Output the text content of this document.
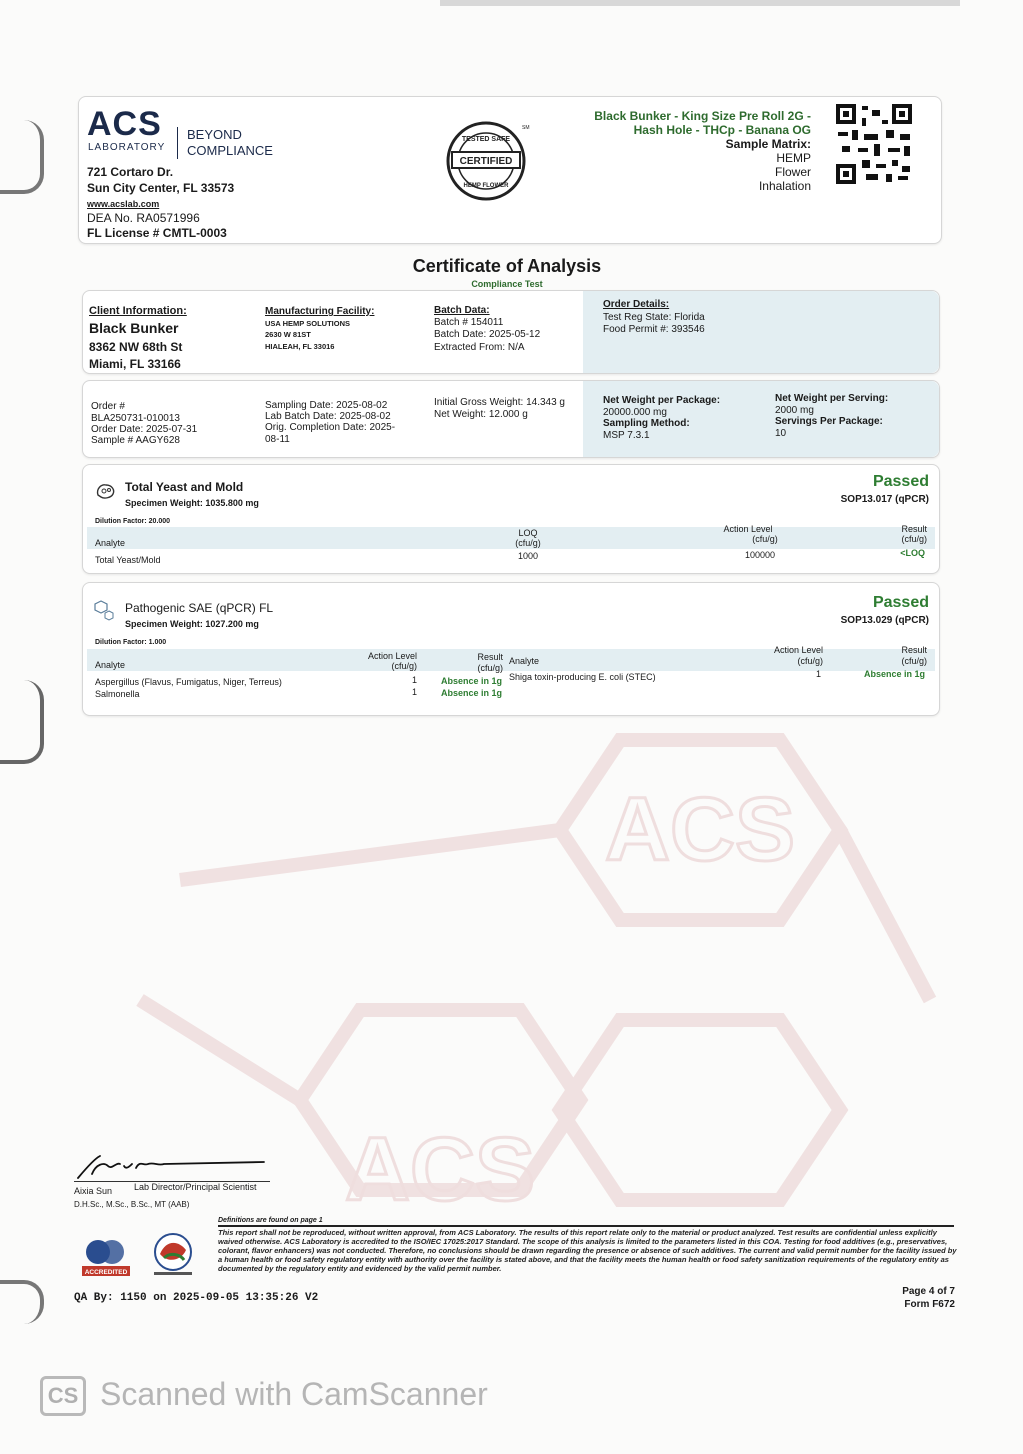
ACS
ACS
ACS
LABORATORY
BEYOND
COMPLIANCE
721 Cortaro Dr.
Sun City Center, FL 33573
www.acslab.com
DEA No. RA0571996
FL License # CMTL-0003
CERTIFIED
TESTED SAFE
HEMP FLOWER
SM
Black Bunker - King Size Pre Roll 2G -
Hash Hole - THCp - Banana OG
Sample Matrix:
HEMP
Flower
Inhalation
Certificate of Analysis
Compliance Test
Client Information:
Black Bunker
8362 NW 68th St
Miami, FL 33166
Manufacturing Facility:
USA HEMP SOLUTIONS
2630 W 81ST
HIALEAH, FL 33016
Batch Data:
Batch # 154011
Batch Date: 2025-05-12
Extracted From: N/A
Order Details:
Test Reg State: Florida
Food Permit #: 393546
Order #
BLA250731-010013
Order Date: 2025-07-31
Sample # AAGY628
Sampling Date: 2025-08-02
Lab Batch Date: 2025-08-02
Orig. Completion Date: 2025-
08-11
Initial Gross Weight: 14.343 g
Net Weight: 12.000 g
Net Weight per Package:
20000.000 mg
Sampling Method:
MSP 7.3.1
Net Weight per Serving:
2000 mg
Servings Per Package:
10
Total Yeast and Mold
Specimen Weight: 1035.800 mg
Passed
SOP13.017 (qPCR)
Dilution Factor: 20.000
Analyte
LOQ
(cfu/g)
Action Level
(cfu/g)
Result
(cfu/g)
Total Yeast/Mold	1000	100000	<LOQ
Pathogenic SAE (qPCR) FL
Specimen Weight: 1027.200 mg
Passed
SOP13.029 (qPCR)
Dilution Factor: 1.000
Analyte
Action Level
(cfu/g)
Result
(cfu/g)
Analyte
Action Level
(cfu/g)
Result
(cfu/g)
Aspergillus (Flavus, Fumigatus, Niger, Terreus)	1	Absence in 1g
Salmonella	1	Absence in 1g
Shiga toxin-producing E. coli (STEC)	1	Absence in 1g
Aixia Sun Lab Director/Principal Scientist
D.H.Sc., M.Sc., B.Sc., MT (AAB)
Definitions are found on page 1
This report shall not be reproduced, without written approval, from ACS Laboratory. The results of this report relate only to the material or product analyzed. Test results are confidential unless explicitly waived otherwise. ACS Laboratory is accredited to the ISO/IEC 17025:2017 Standard. The scope of this analysis is limited to the parameters listed in this COA. Testing for food additives (e.g., preservatives, colorant, flavor enhancers) was not conducted. Therefore, no conclusions should be drawn regarding the presence or absence of such additives. The current and valid permit number for the facility issued by a human health or food safety regulatory entity with authority over the facility is stated above, and that the facility meets the human health or food safety sanitization requirements of the regulatory entity as documented by the regulatory entity and evidenced by the valid permit number.
ACCREDITED
QA By: 1150 on 2025-09-05 13:35:26 V2
Page 4 of 7
Form F672
CS Scanned with CamScanner
